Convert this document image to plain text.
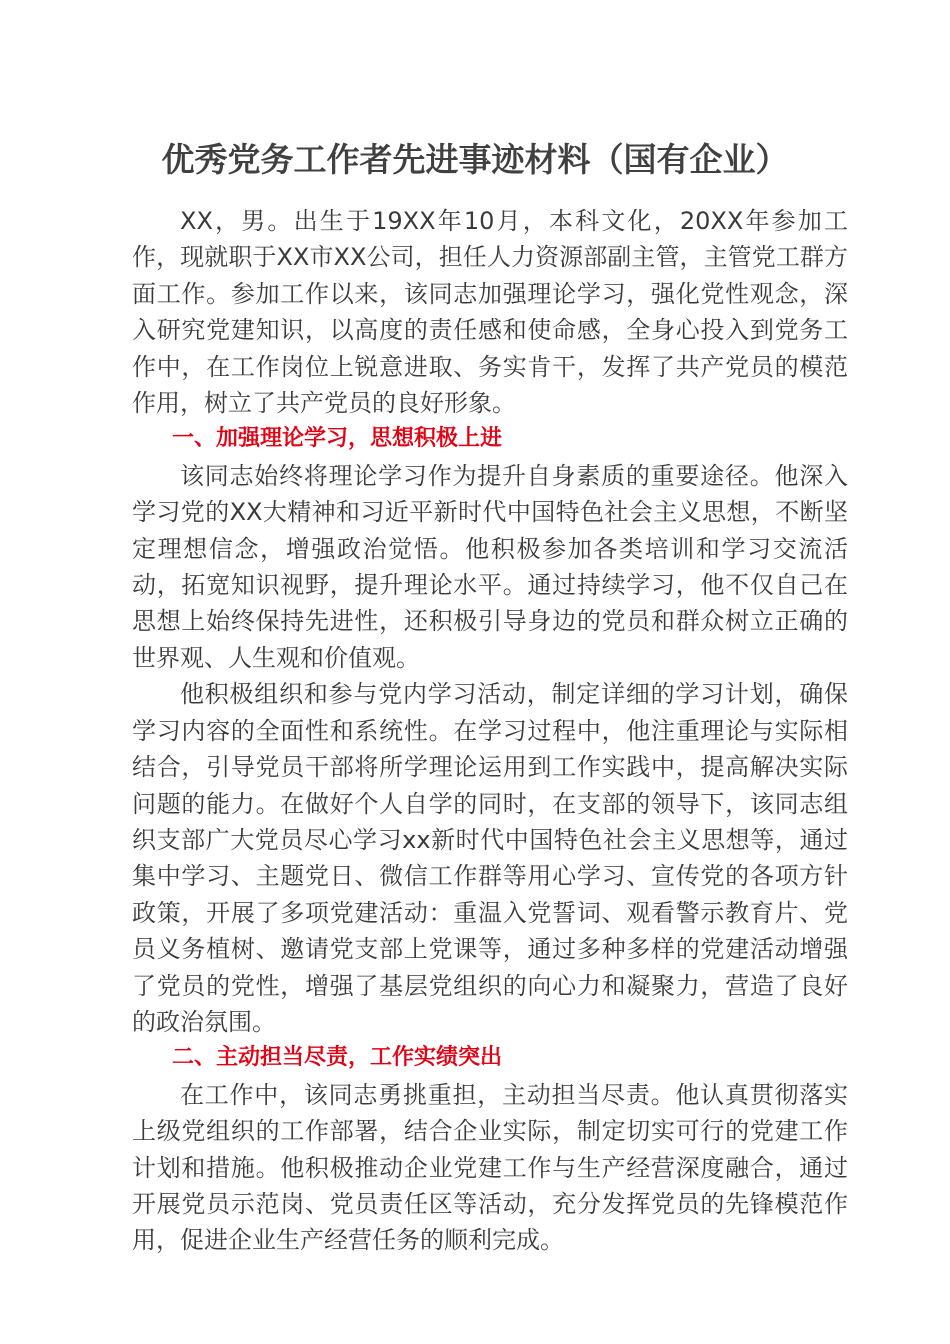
优秀党务工作者先进事迹材料（国有企业）

XX，男。出生于19XX年10月，本科文化，20XX年参加工作，现就职于XX市XX公司，担任人力资源部副主管，主管党工群方面工作。参加工作以来，该同志加强理论学习，强化党性观念，深入研究党建知识，以高度的责任感和使命感，全身心投入到党务工作中，在工作岗位上锐意进取、务实肯干，发挥了共产党员的模范作用，树立了共产党员的良好形象。

一、加强理论学习，思想积极上进

该同志始终将理论学习作为提升自身素质的重要途径。他深入学习党的XX大精神和习近平新时代中国特色社会主义思想，不断坚定理想信念，增强政治觉悟。他积极参加各类培训和学习交流活动，拓宽知识视野，提升理论水平。通过持续学习，他不仅自己在思想上始终保持先进性，还积极引导身边的党员和群众树立正确的世界观、人生观和价值观。

他积极组织和参与党内学习活动，制定详细的学习计划，确保学习内容的全面性和系统性。在学习过程中，他注重理论与实际相结合，引导党员干部将所学理论运用到工作实践中，提高解决实际问题的能力。在做好个人自学的同时，在支部的领导下，该同志组织支部广大党员尽心学习xx新时代中国特色社会主义思想等，通过集中学习、主题党日、微信工作群等用心学习、宣传党的各项方针政策，开展了多项党建活动：重温入党誓词、观看警示教育片、党员义务植树、邀请党支部上党课等，通过多种多样的党建活动增强了党员的党性，增强了基层党组织的向心力和凝聚力，营造了良好的政治氛围。

二、主动担当尽责，工作实绩突出

在工作中，该同志勇挑重担，主动担当尽责。他认真贯彻落实上级党组织的工作部署，结合企业实际，制定切实可行的党建工作计划和措施。他积极推动企业党建工作与生产经营深度融合，通过开展党员示范岗、党员责任区等活动，充分发挥党员的先锋模范作用，促进企业生产经营任务的顺利完成。
